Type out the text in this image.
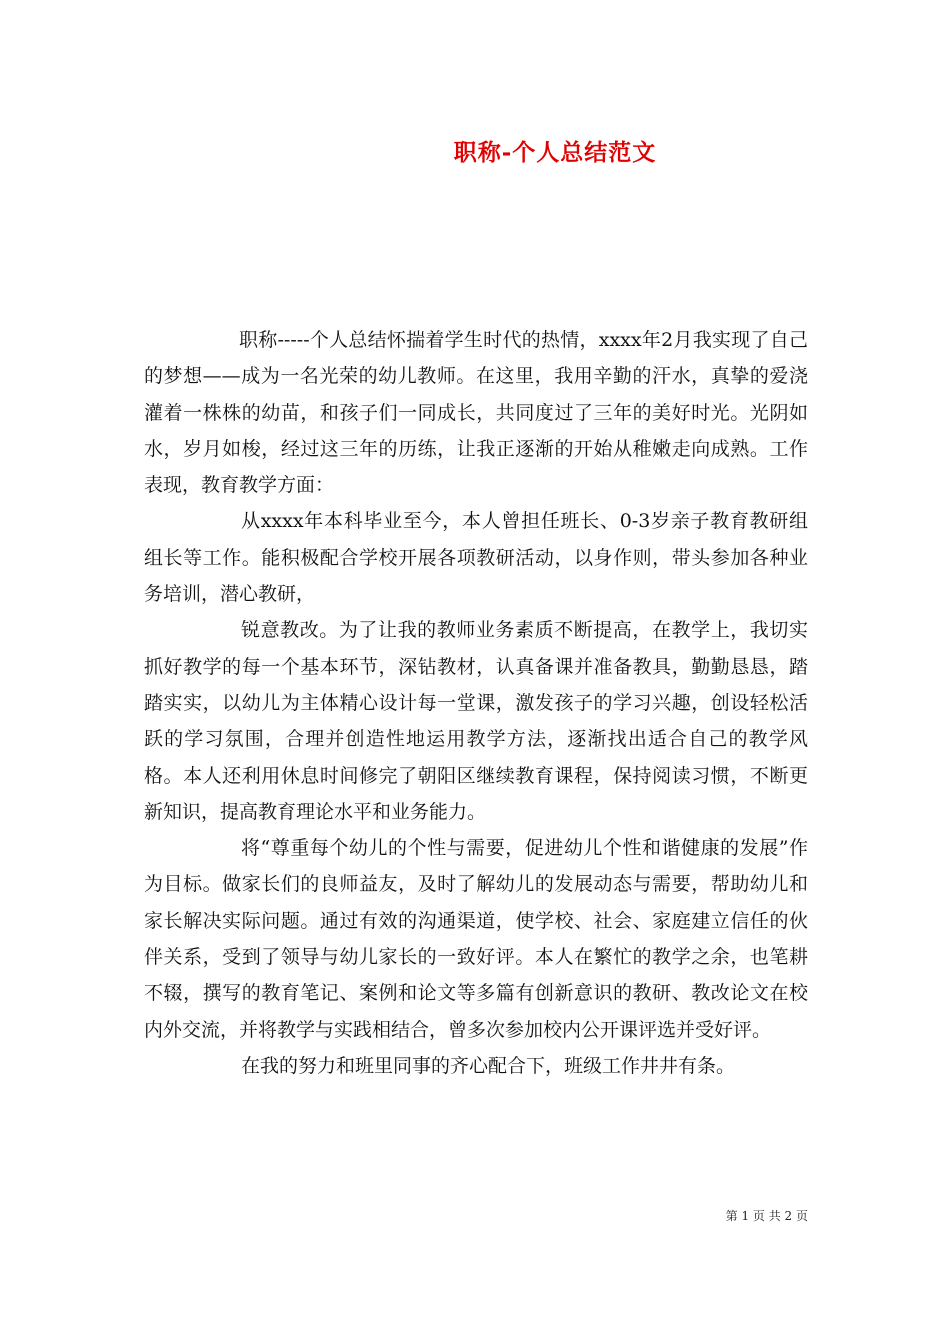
职称-个人总结范文

职称-----个人总结怀揣着学生时代的热情，xxxx年2月我实现了自己的梦想——成为一名光荣的幼儿教师。在这里，我用辛勤的汗水，真挚的爱浇灌着一株株的幼苗，和孩子们一同成长，共同度过了三年的美好时光。光阴如水，岁月如梭，经过这三年的历练，让我正逐渐的开始从稚嫩走向成熟。工作表现，教育教学方面：

从xxxx年本科毕业至今，本人曾担任班长、0-3岁亲子教育教研组组长等工作。能积极配合学校开展各项教研活动，以身作则，带头参加各种业务培训，潜心教研，

锐意教改。为了让我的教师业务素质不断提高，在教学上，我切实抓好教学的每一个基本环节，深钻教材，认真备课并准备教具，勤勤恳恳，踏踏实实，以幼儿为主体精心设计每一堂课，激发孩子的学习兴趣，创设轻松活跃的学习氛围，合理并创造性地运用教学方法，逐渐找出适合自己的教学风格。本人还利用休息时间修完了朝阳区继续教育课程，保持阅读习惯，不断更新知识，提高教育理论水平和业务能力。

将“尊重每个幼儿的个性与需要，促进幼儿个性和谐健康的发展”作为目标。做家长们的良师益友，及时了解幼儿的发展动态与需要，帮助幼儿和家长解决实际问题。通过有效的沟通渠道，使学校、社会、家庭建立信任的伙伴关系，受到了领导与幼儿家长的一致好评。本人在繁忙的教学之余，也笔耕不辍，撰写的教育笔记、案例和论文等多篇有创新意识的教研、教改论文在校内外交流，并将教学与实践相结合，曾多次参加校内公开课评选并受好评。

在我的努力和班里同事的齐心配合下，班级工作井井有条。

第 1 页 共 2 页
